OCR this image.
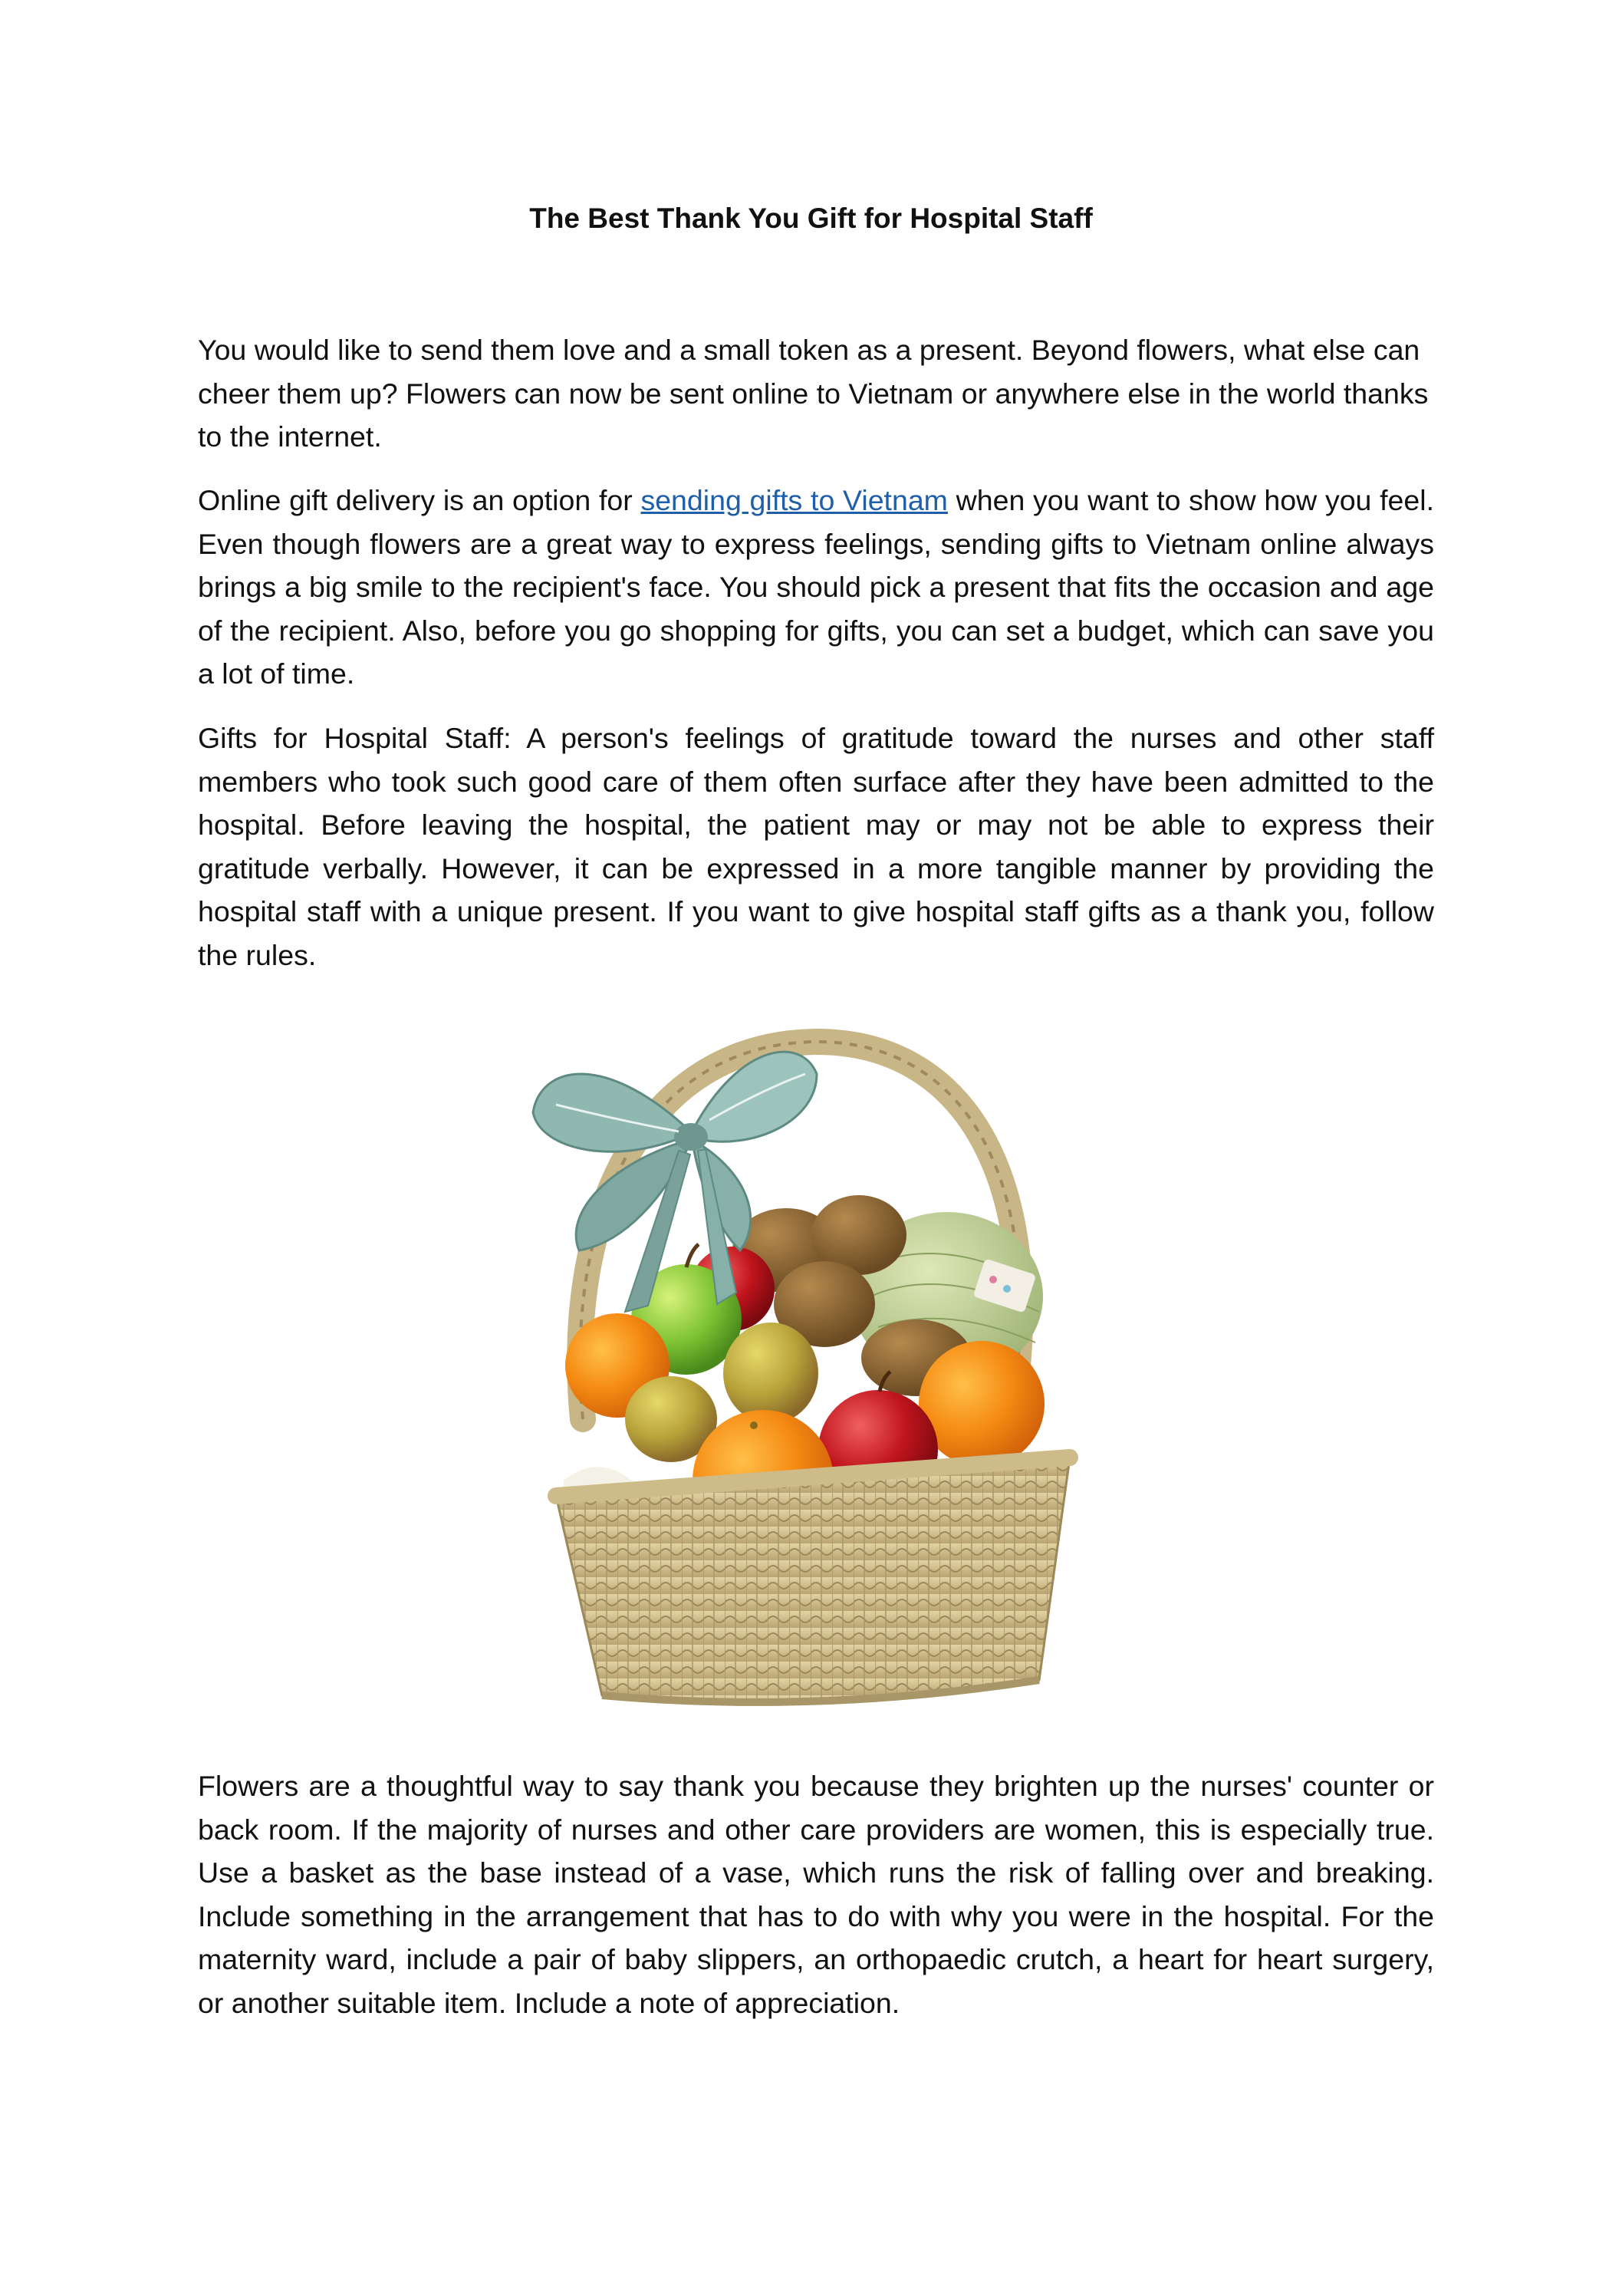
The Best Thank You Gift for Hospital Staff

You would like to send them love and a small token as a present. Beyond flowers, what else can cheer them up? Flowers can now be sent online to Vietnam or anywhere else in the world thanks to the internet.

Online gift delivery is an option for sending gifts to Vietnam when you want to show how you feel. Even though flowers are a great way to express feelings, sending gifts to Vietnam online always brings a big smile to the recipient's face. You should pick a present that fits the occasion and age of the recipient. Also, before you go shopping for gifts, you can set a budget, which can save you a lot of time.

Gifts for Hospital Staff: A person's feelings of gratitude toward the nurses and other staff members who took such good care of them often surface after they have been admitted to the hospital. Before leaving the hospital, the patient may or may not be able to express their gratitude verbally. However, it can be expressed in a more tangible manner by providing the hospital staff with a unique present. If you want to give hospital staff gifts as a thank you, follow the rules.

Flowers are a thoughtful way to say thank you because they brighten up the nurses' counter or back room. If the majority of nurses and other care providers are women, this is especially true. Use a basket as the base instead of a vase, which runs the risk of falling over and breaking. Include something in the arrangement that has to do with why you were in the hospital. For the maternity ward, include a pair of baby slippers, an orthopaedic crutch, a heart for heart surgery, or another suitable item. Include a note of appreciation.
